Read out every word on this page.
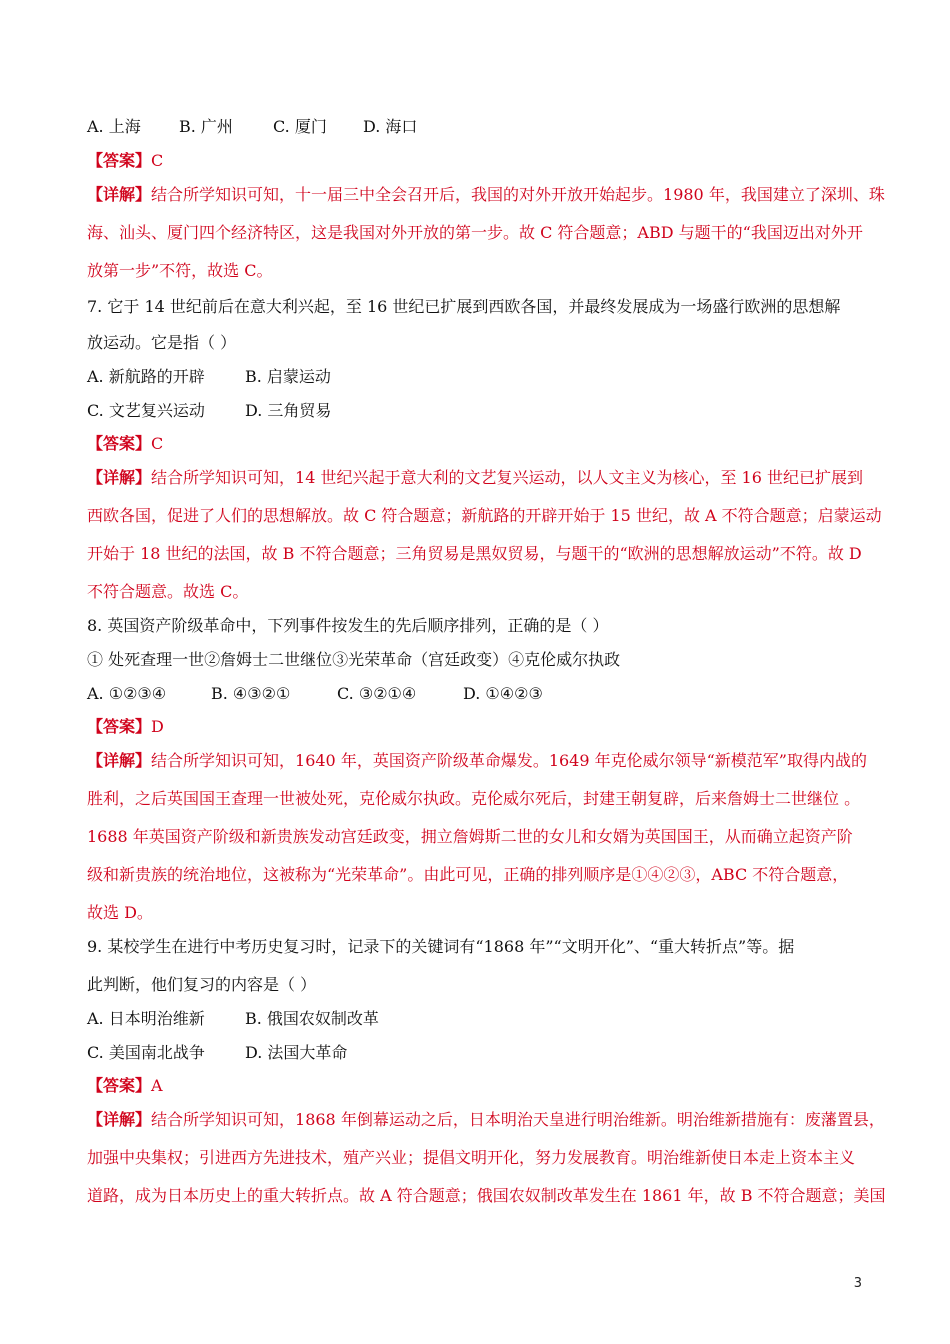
A. 上海 B. 广州	C. 厦门 D. 海口
【答案】C
【详解】结合所学知识可知，十一届三中全会召开后，我国的对外开放开始起步。1980 年，我国建立了深圳、珠
海、汕头、厦门四个经济特区，这是我国对外开放的第一步。故 C 符合题意；ABD 与题干的“我国迈出对外开
放第一步”不符，故选 C。
7. 它于 14 世纪前后在意大利兴起，至 16 世纪已扩展到西欧各国，并最终发展成为一场盛行欧洲的思想解
放运动。它是指（ ）
A. 新航路的开辟	B. 启蒙运动
C. 文艺复兴运动	D. 三角贸易
【答案】C
【详解】结合所学知识可知，14 世纪兴起于意大利的文艺复兴运动，以人文主义为核心，至 16 世纪已扩展到
西欧各国，促进了人们的思想解放。故 C 符合题意；新航路的开辟开始于 15 世纪，故 A 不符合题意；启蒙运动
开始于 18 世纪的法国，故 B 不符合题意；三角贸易是黑奴贸易，与题干的“欧洲的思想解放运动”不符。故 D
不符合题意。故选 C。
8. 英国资产阶级革命中，下列事件按发生的先后顺序排列，正确的是（ ）
① 处死查理一世②詹姆士二世继位③光荣革命（宫廷政变）④克伦威尔执政
A. ①②③④	B. ④③②①	C. ③②①④	D. ①④②③
【答案】D
【详解】结合所学知识可知，1640 年，英国资产阶级革命爆发。1649 年克伦威尔领导“新模范军”取得内战的
胜利，之后英国国王查理一世被处死，克伦威尔执政。克伦威尔死后，封建王朝复辟，后来詹姆士二世继位 。
1688 年英国资产阶级和新贵族发动宫廷政变，拥立詹姆斯二世的女儿和女婿为英国国王，从而确立起资产阶
级和新贵族的统治地位，这被称为“光荣革命”。由此可见，正确的排列顺序是①④②③，ABC 不符合题意，
故选 D。
9. 某校学生在进行中考历史复习时，记录下的关键词有“1868 年”“文明开化”、“重大转折点”等。据
此判断，他们复习的内容是（ ）
A. 日本明治维新	B. 俄国农奴制改革
C. 美国南北战争	D. 法国大革命
【答案】A
【详解】结合所学知识可知，1868 年倒幕运动之后，日本明治天皇进行明治维新。明治维新措施有：废藩置县，
加强中央集权；引进西方先进技术，殖产兴业；提倡文明开化，努力发展教育。明治维新使日本走上资本主义
道路，成为日本历史上的重大转折点。故 A 符合题意；俄国农奴制改革发生在 1861 年，故 B 不符合题意；美国
3
